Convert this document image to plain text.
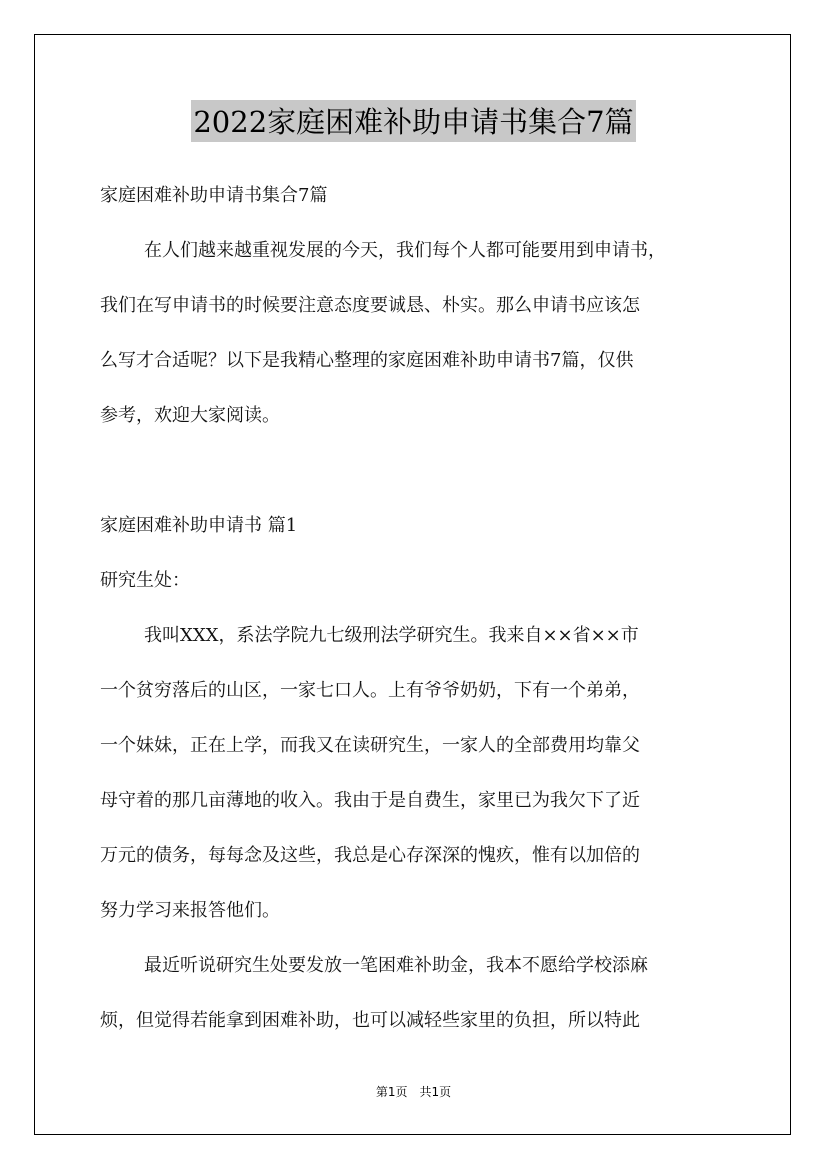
2022家庭困难补助申请书集合7篇
家庭困难补助申请书集合7篇
在人们越来越重视发展的今天，我们每个人都可能要用到申请书，
我们在写申请书的时候要注意态度要诚恳、朴实。那么申请书应该怎
么写才合适呢？以下是我精心整理的家庭困难补助申请书7篇，仅供
参考，欢迎大家阅读。
家庭困难补助申请书 篇1
研究生处：
我叫XXX，系法学院九七级刑法学研究生。我来自××省××市
一个贫穷落后的山区，一家七口人。上有爷爷奶奶，下有一个弟弟，
一个妹妹，正在上学，而我又在读研究生，一家人的全部费用均靠父
母守着的那几亩薄地的收入。我由于是自费生，家里已为我欠下了近
万元的债务，每每念及这些，我总是心存深深的愧疚，惟有以加倍的
努力学习来报答他们。
最近听说研究生处要发放一笔困难补助金，我本不愿给学校添麻
烦，但觉得若能拿到困难补助，也可以减轻些家里的负担，所以特此
第1页　共1页
